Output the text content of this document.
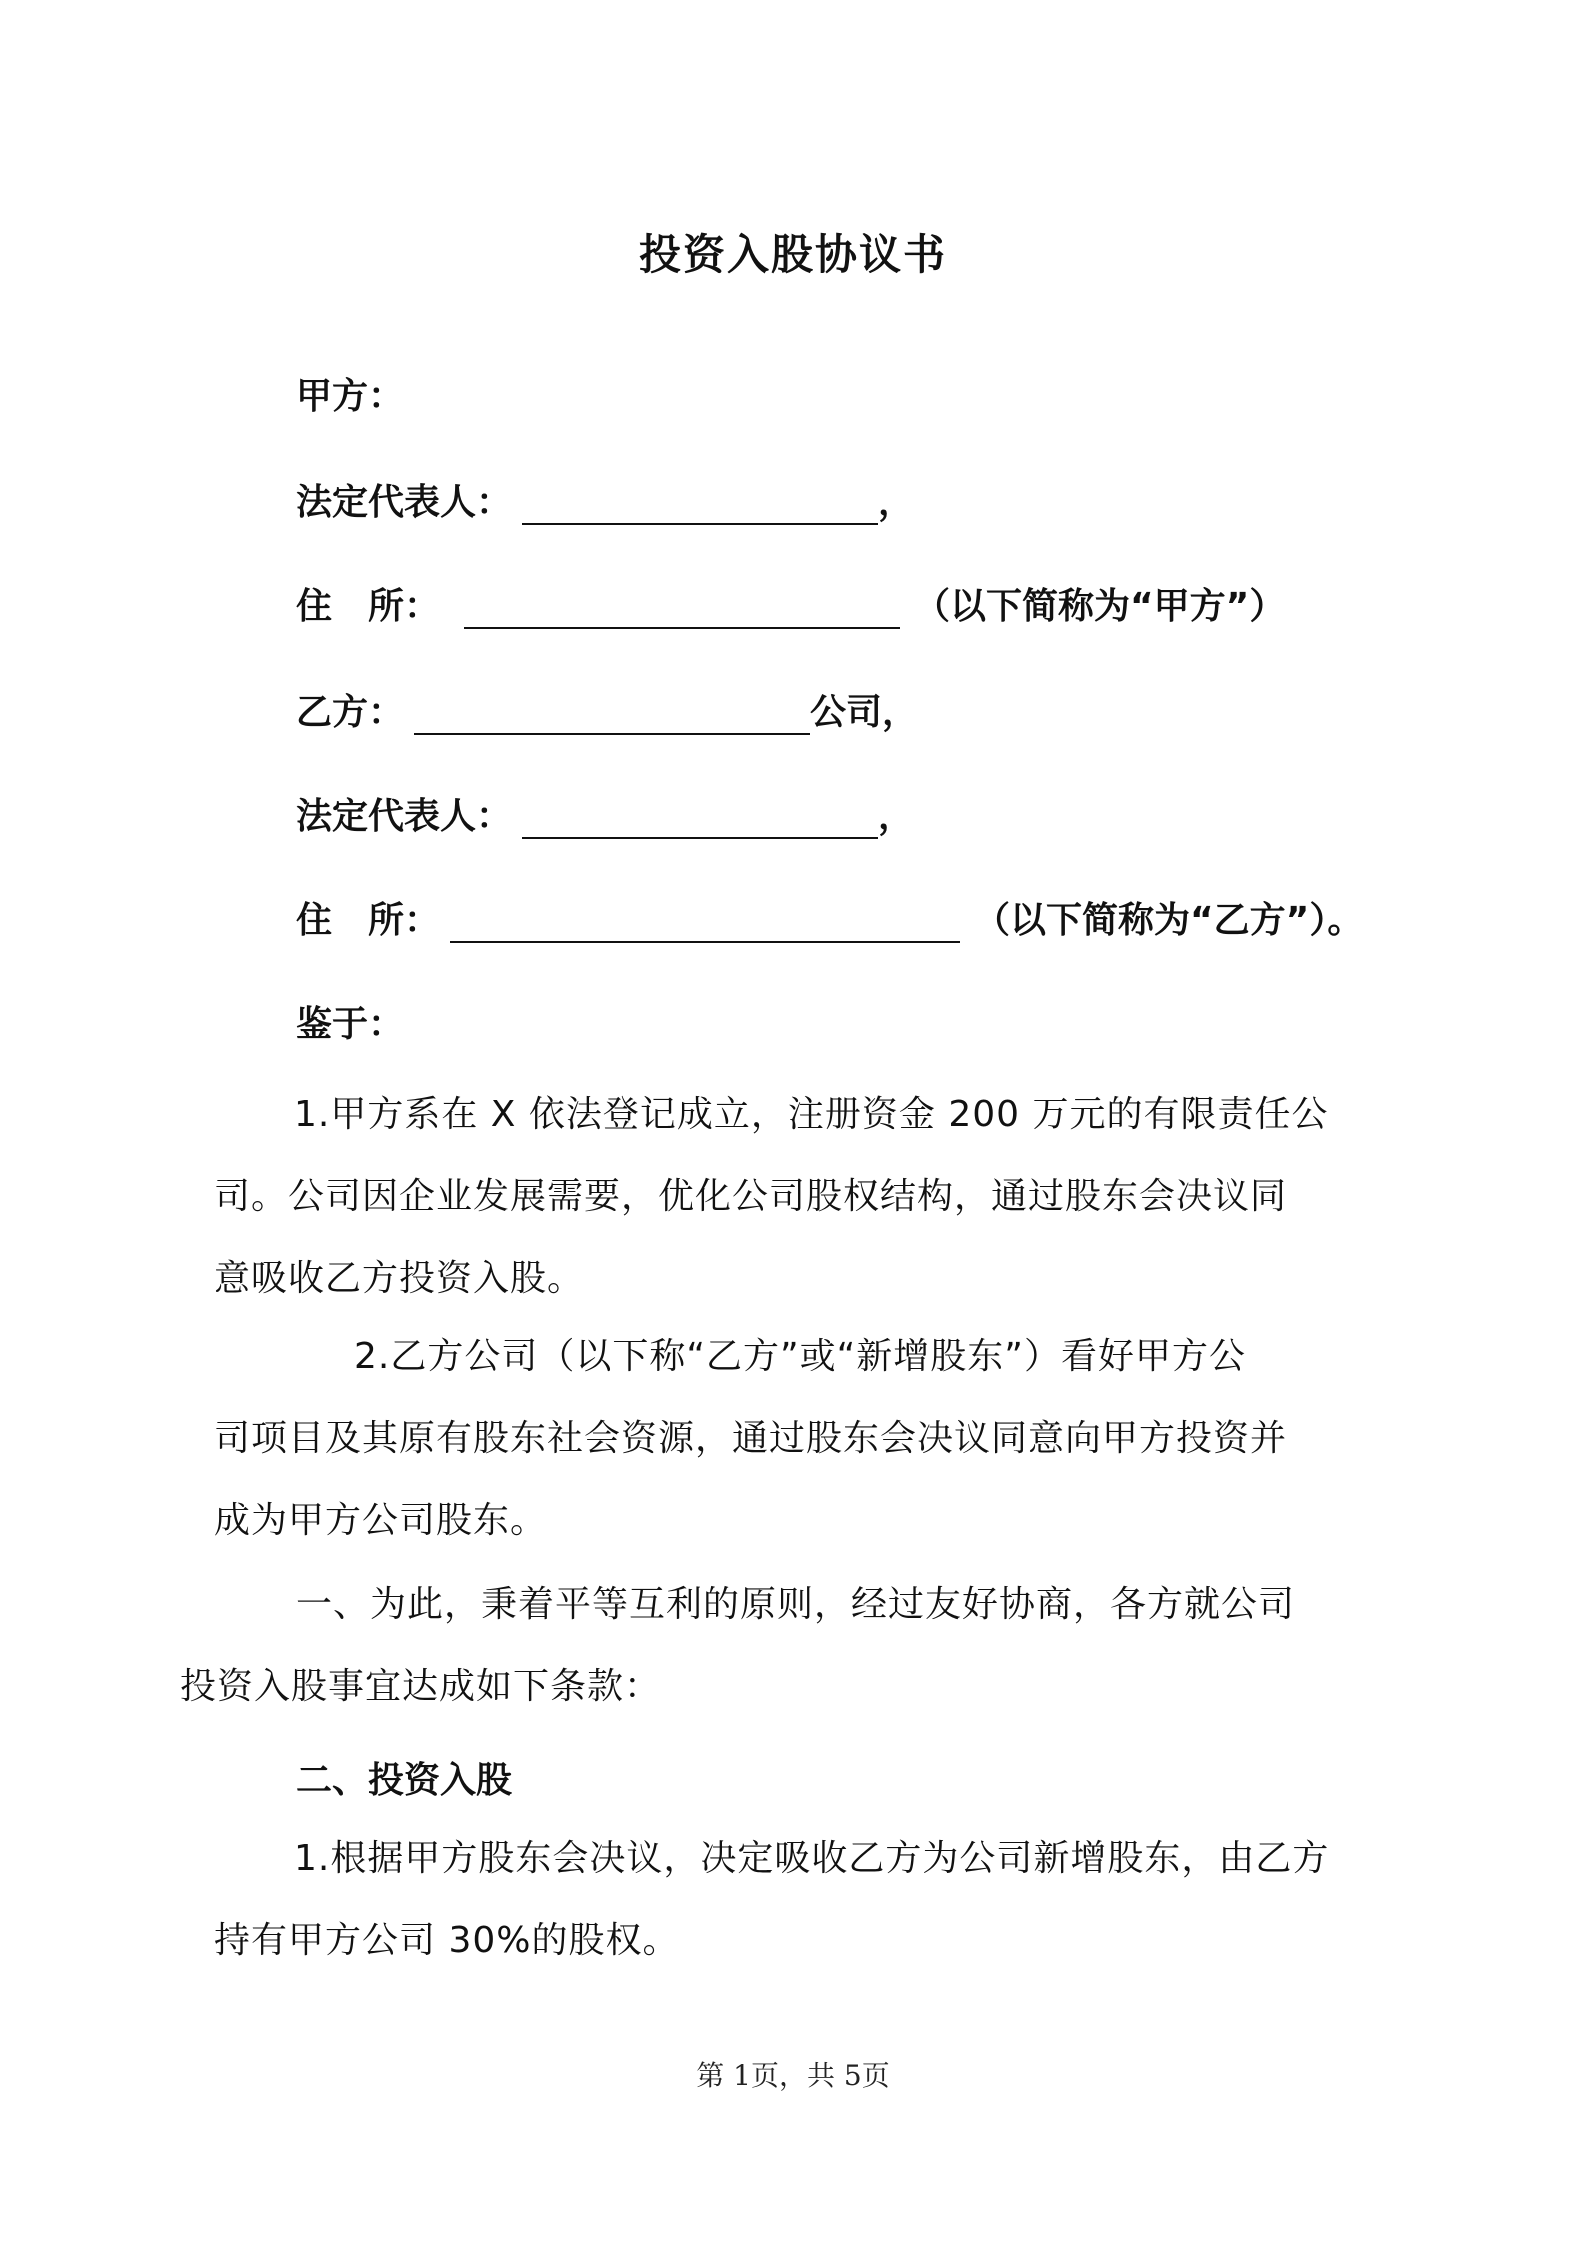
投资入股协议书
甲方：
法定代表人：	，
住　所：	（以下简称为“甲方”）
乙方：	公司，
法定代表人：	，
住　所：	（以下简称为“乙方”）。
鉴于：
1.甲方系在 X 依法登记成立，注册资金 200 万元的有限责任公
司。公司因企业发展需要，优化公司股权结构，通过股东会决议同
意吸收乙方投资入股。
2.乙方公司（以下称“乙方”或“新增股东”）看好甲方公
司项目及其原有股东社会资源，通过股东会决议同意向甲方投资并
成为甲方公司股东。
一、为此，秉着平等互利的原则，经过友好协商，各方就公司
投资入股事宜达成如下条款：
二、投资入股
1.根据甲方股东会决议，决定吸收乙方为公司新增股东，由乙方
持有甲方公司 30%的股权。
第 1页，共 5页
